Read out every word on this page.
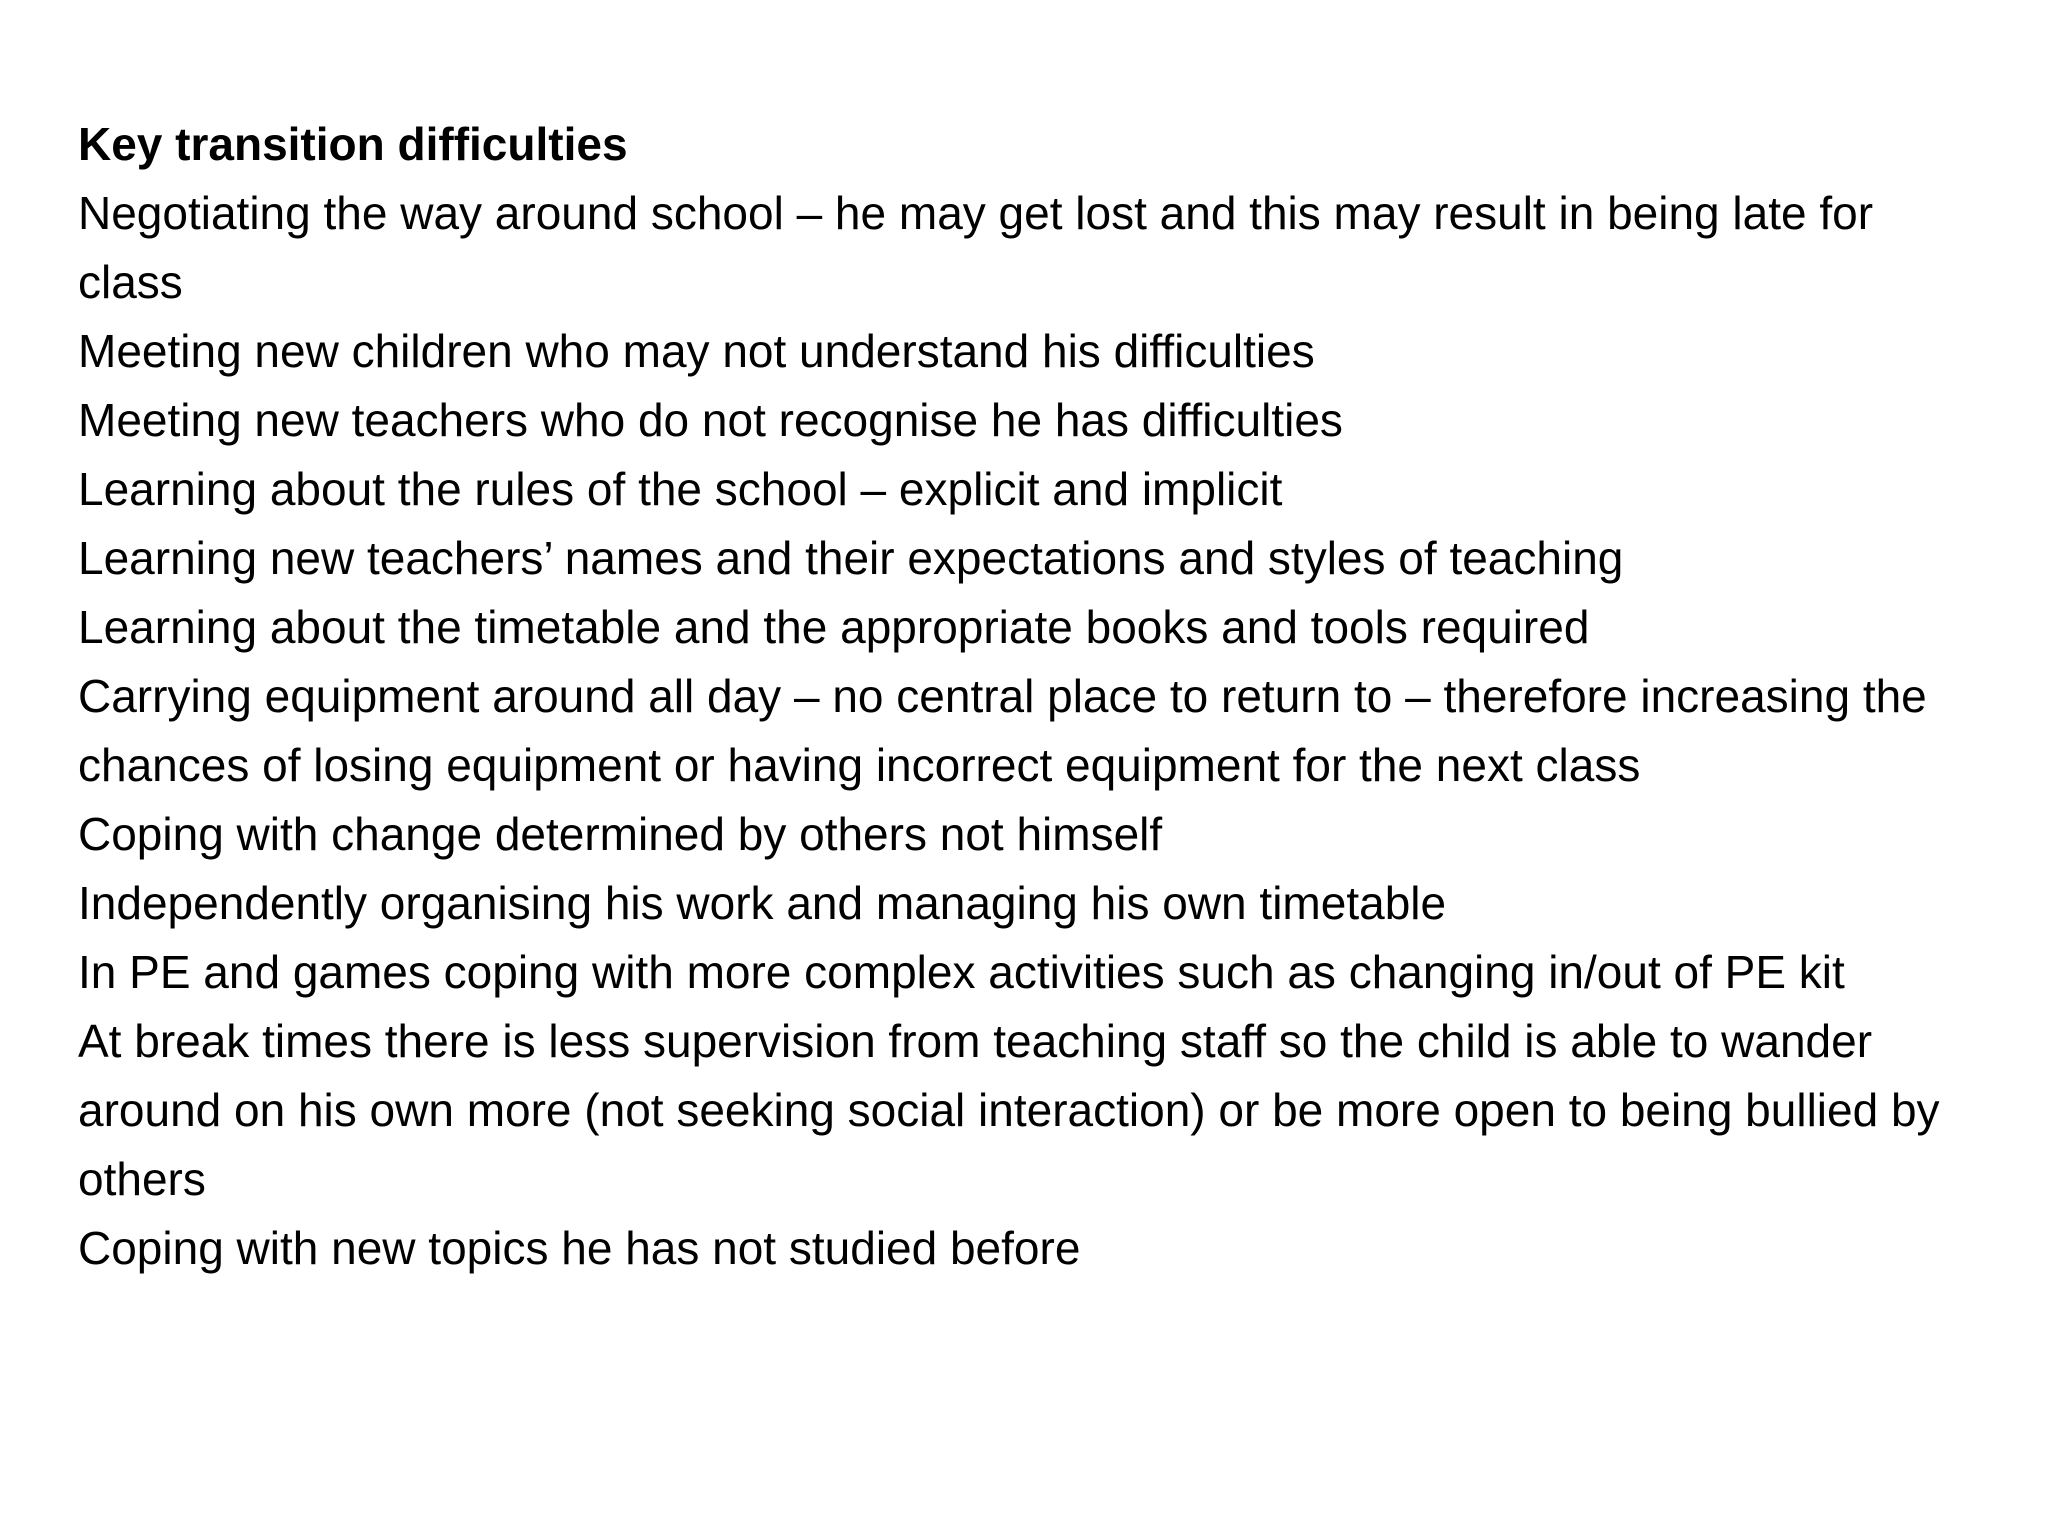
Key transition difficulties
Negotiating the way around school – he may get lost and this may result in being late for class
Meeting new children who may not understand his difficulties
Meeting new teachers who do not recognise he has difficulties
Learning about the rules of the school – explicit and implicit
Learning new teachers’ names and their expectations and styles of teaching
Learning about the timetable and the appropriate books and tools required
Carrying equipment around all day – no central place to return to – therefore increasing the chances of losing equipment or having incorrect equipment for the next class
Coping with change determined by others not himself
Independently organising his work and managing his own timetable
In PE and games coping with more complex activities such as changing in/out of PE kit
At break times there is less supervision from teaching staff so the child is able to wander around on his own more (not seeking social interaction) or be more open to being bullied by others
Coping with new topics he has not studied before
